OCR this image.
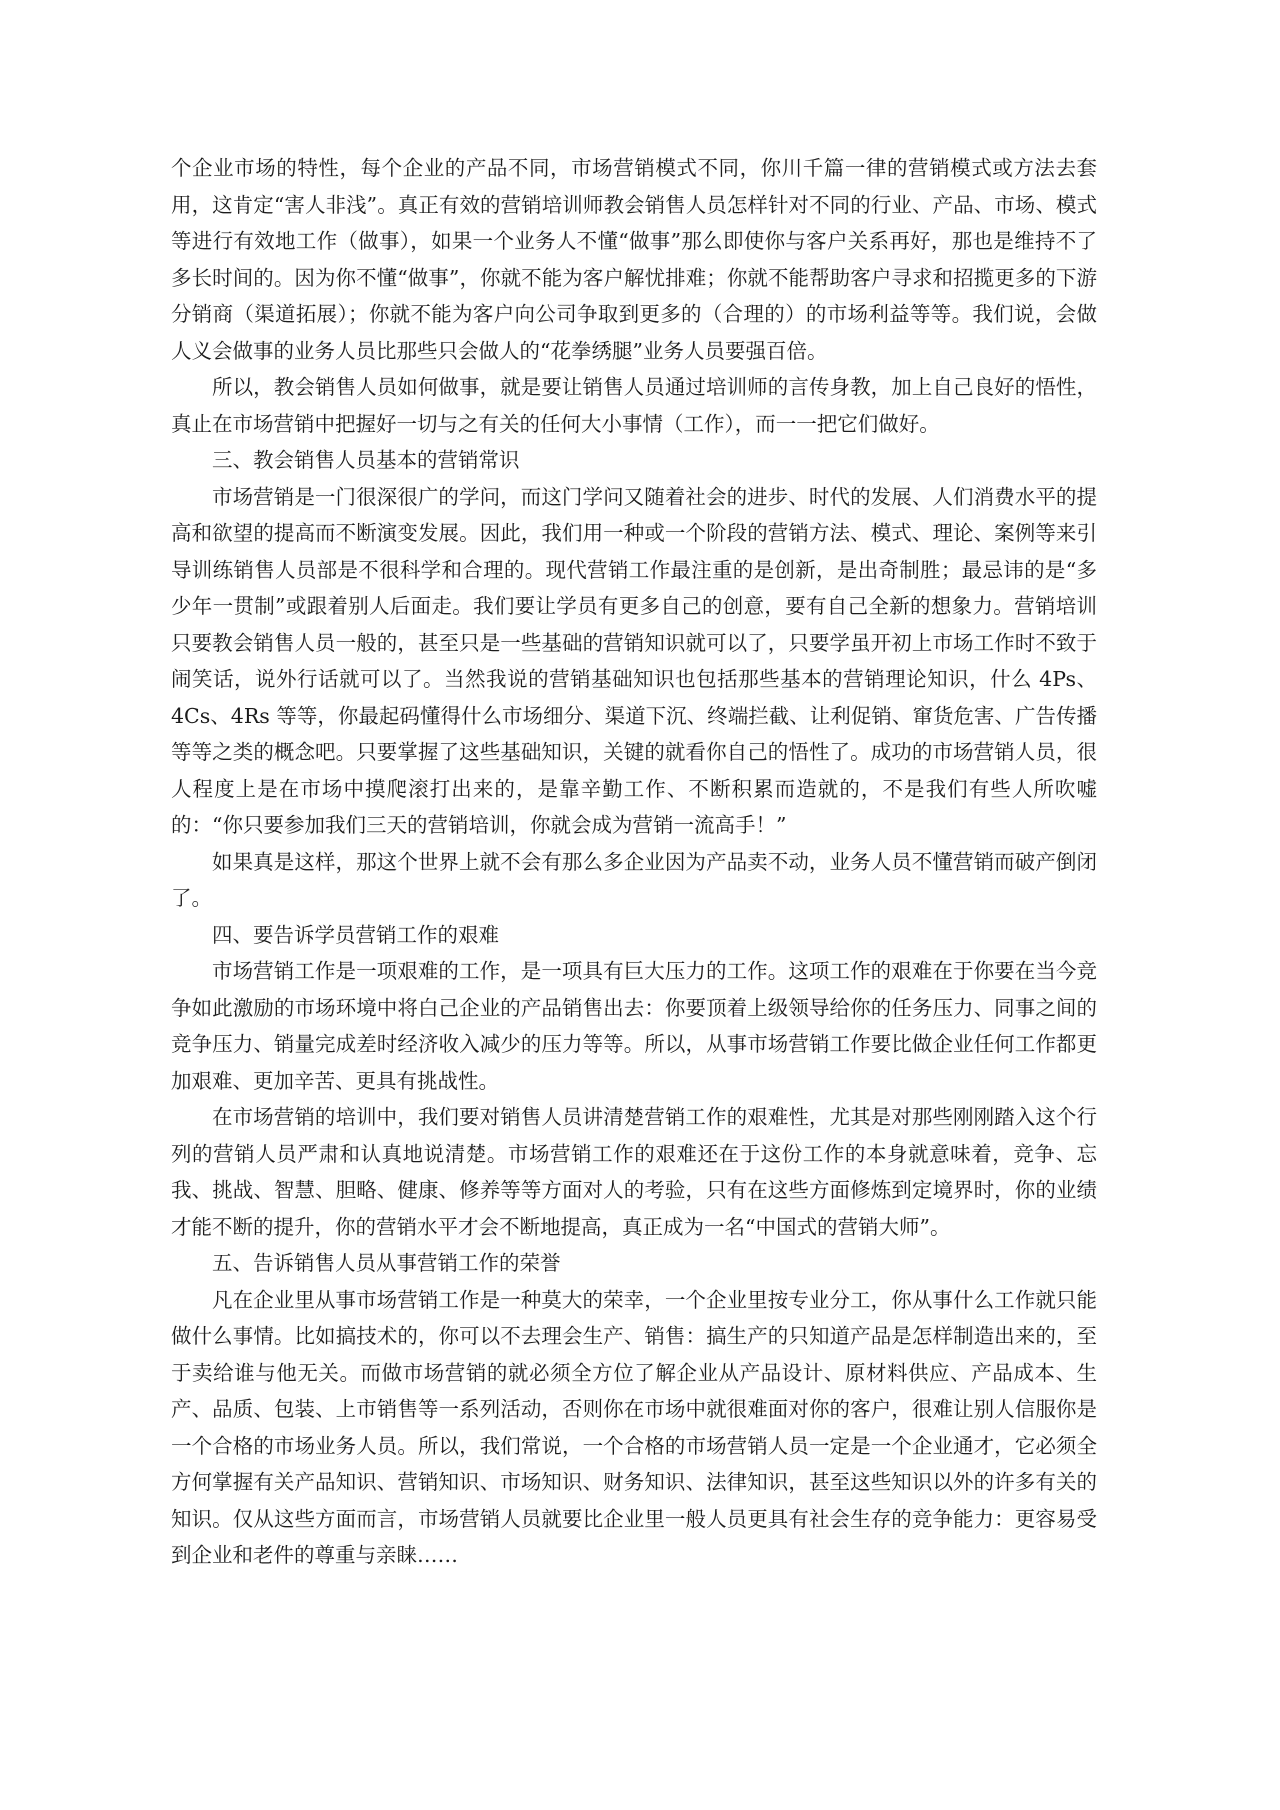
个企业市场的特性，每个企业的产品不同，市场营销模式不同，你川千篇一律的营销模式或方法去套用，这肯定“害人非浅”。真正有效的营销培训师教会销售人员怎样针对不同的行业、产品、市场、模式等进行有效地工作（做事），如果一个业务人不懂“做事”那么即使你与客户关系再好，那也是维持不了多长时间的。因为你不懂“做事”，你就不能为客户解忧排难；你就不能帮助客户寻求和招揽更多的下游分销商（渠道拓展）；你就不能为客户向公司争取到更多的（合理的）的市场利益等等。我们说，会做人义会做事的业务人员比那些只会做人的“花拳绣腿”业务人员要强百倍。

所以，教会销售人员如何做事，就是要让销售人员通过培训师的言传身教，加上自己良好的悟性，真止在市场营销中把握好一切与之有关的任何大小事情（工作），而一一把它们做好。

三、教会销售人员基本的营销常识

市场营销是一门很深很广的学问，而这门学问又随着社会的进步、时代的发展、人们消费水平的提高和欲望的提高而不断演变发展。因此，我们用一种或一个阶段的营销方法、模式、理论、案例等来引导训练销售人员部是不很科学和合理的。现代营销工作最注重的是创新，是出奇制胜；最忌讳的是“多少年一贯制”或跟着别人后面走。我们要让学员有更多自己的创意，要有自己全新的想象力。营销培训只要教会销售人员一般的，甚至只是一些基础的营销知识就可以了，只要学虽开初上市场工作时不致于闹笑话，说外行话就可以了。当然我说的营销基础知识也包括那些基本的营销理论知识，什么 4Ps、4Cs、4Rs 等等，你最起码懂得什么市场细分、渠道下沉、终端拦截、让利促销、窜货危害、广告传播等等之类的概念吧。只要掌握了这些基础知识，关键的就看你自己的悟性了。成功的市场营销人员，很人程度上是在市场中摸爬滚打出来的，是靠辛勤工作、不断积累而造就的，不是我们有些人所吹嘘的：“你只要参加我们三天的营销培训，你就会成为营销一流高手！”

如果真是这样，那这个世界上就不会有那么多企业因为产品卖不动，业务人员不懂营销而破产倒闭了。

四、要告诉学员营销工作的艰难

市场营销工作是一项艰难的工作，是一项具有巨大压力的工作。这项工作的艰难在于你要在当今竞争如此激励的市场环境中将白己企业的产品销售出去：你要顶着上级领导给你的任务压力、同事之间的竞争压力、销量完成差时经济收入减少的压力等等。所以，从事市场营销工作要比做企业任何工作都更加艰难、更加辛苦、更具有挑战性。

在市场营销的培训中，我们要对销售人员讲清楚营销工作的艰难性，尤其是对那些刚刚踏入这个行列的营销人员严肃和认真地说清楚。市场营销工作的艰难还在于这份工作的本身就意味着，竞争、忘我、挑战、智慧、胆略、健康、修养等等方面对人的考验，只有在这些方面修炼到定境界时，你的业绩才能不断的提升，你的营销水平才会不断地提高，真正成为一名“中国式的营销大师”。

五、告诉销售人员从事营销工作的荣誉

凡在企业里从事市场营销工作是一种莫大的荣幸，一个企业里按专业分工，你从事什么工作就只能做什么事情。比如搞技术的，你可以不去理会生产、销售：搞生产的只知道产品是怎样制造出来的，至于卖给谁与他无关。而做市场营销的就必须全方位了解企业从产品设计、原材料供应、产品成本、生产、品质、包装、上市销售等一系列活动，否则你在市场中就很难面对你的客户，很难让别人信服你是一个合格的市场业务人员。所以，我们常说，一个合格的市场营销人员一定是一个企业通才，它必须全方何掌握有关产品知识、营销知识、市场知识、财务知识、法律知识，甚至这些知识以外的许多有关的知识。仅从这些方面而言，市场营销人员就要比企业里一般人员更具有社会生存的竞争能力：更容易受到企业和老件的尊重与亲睐……
